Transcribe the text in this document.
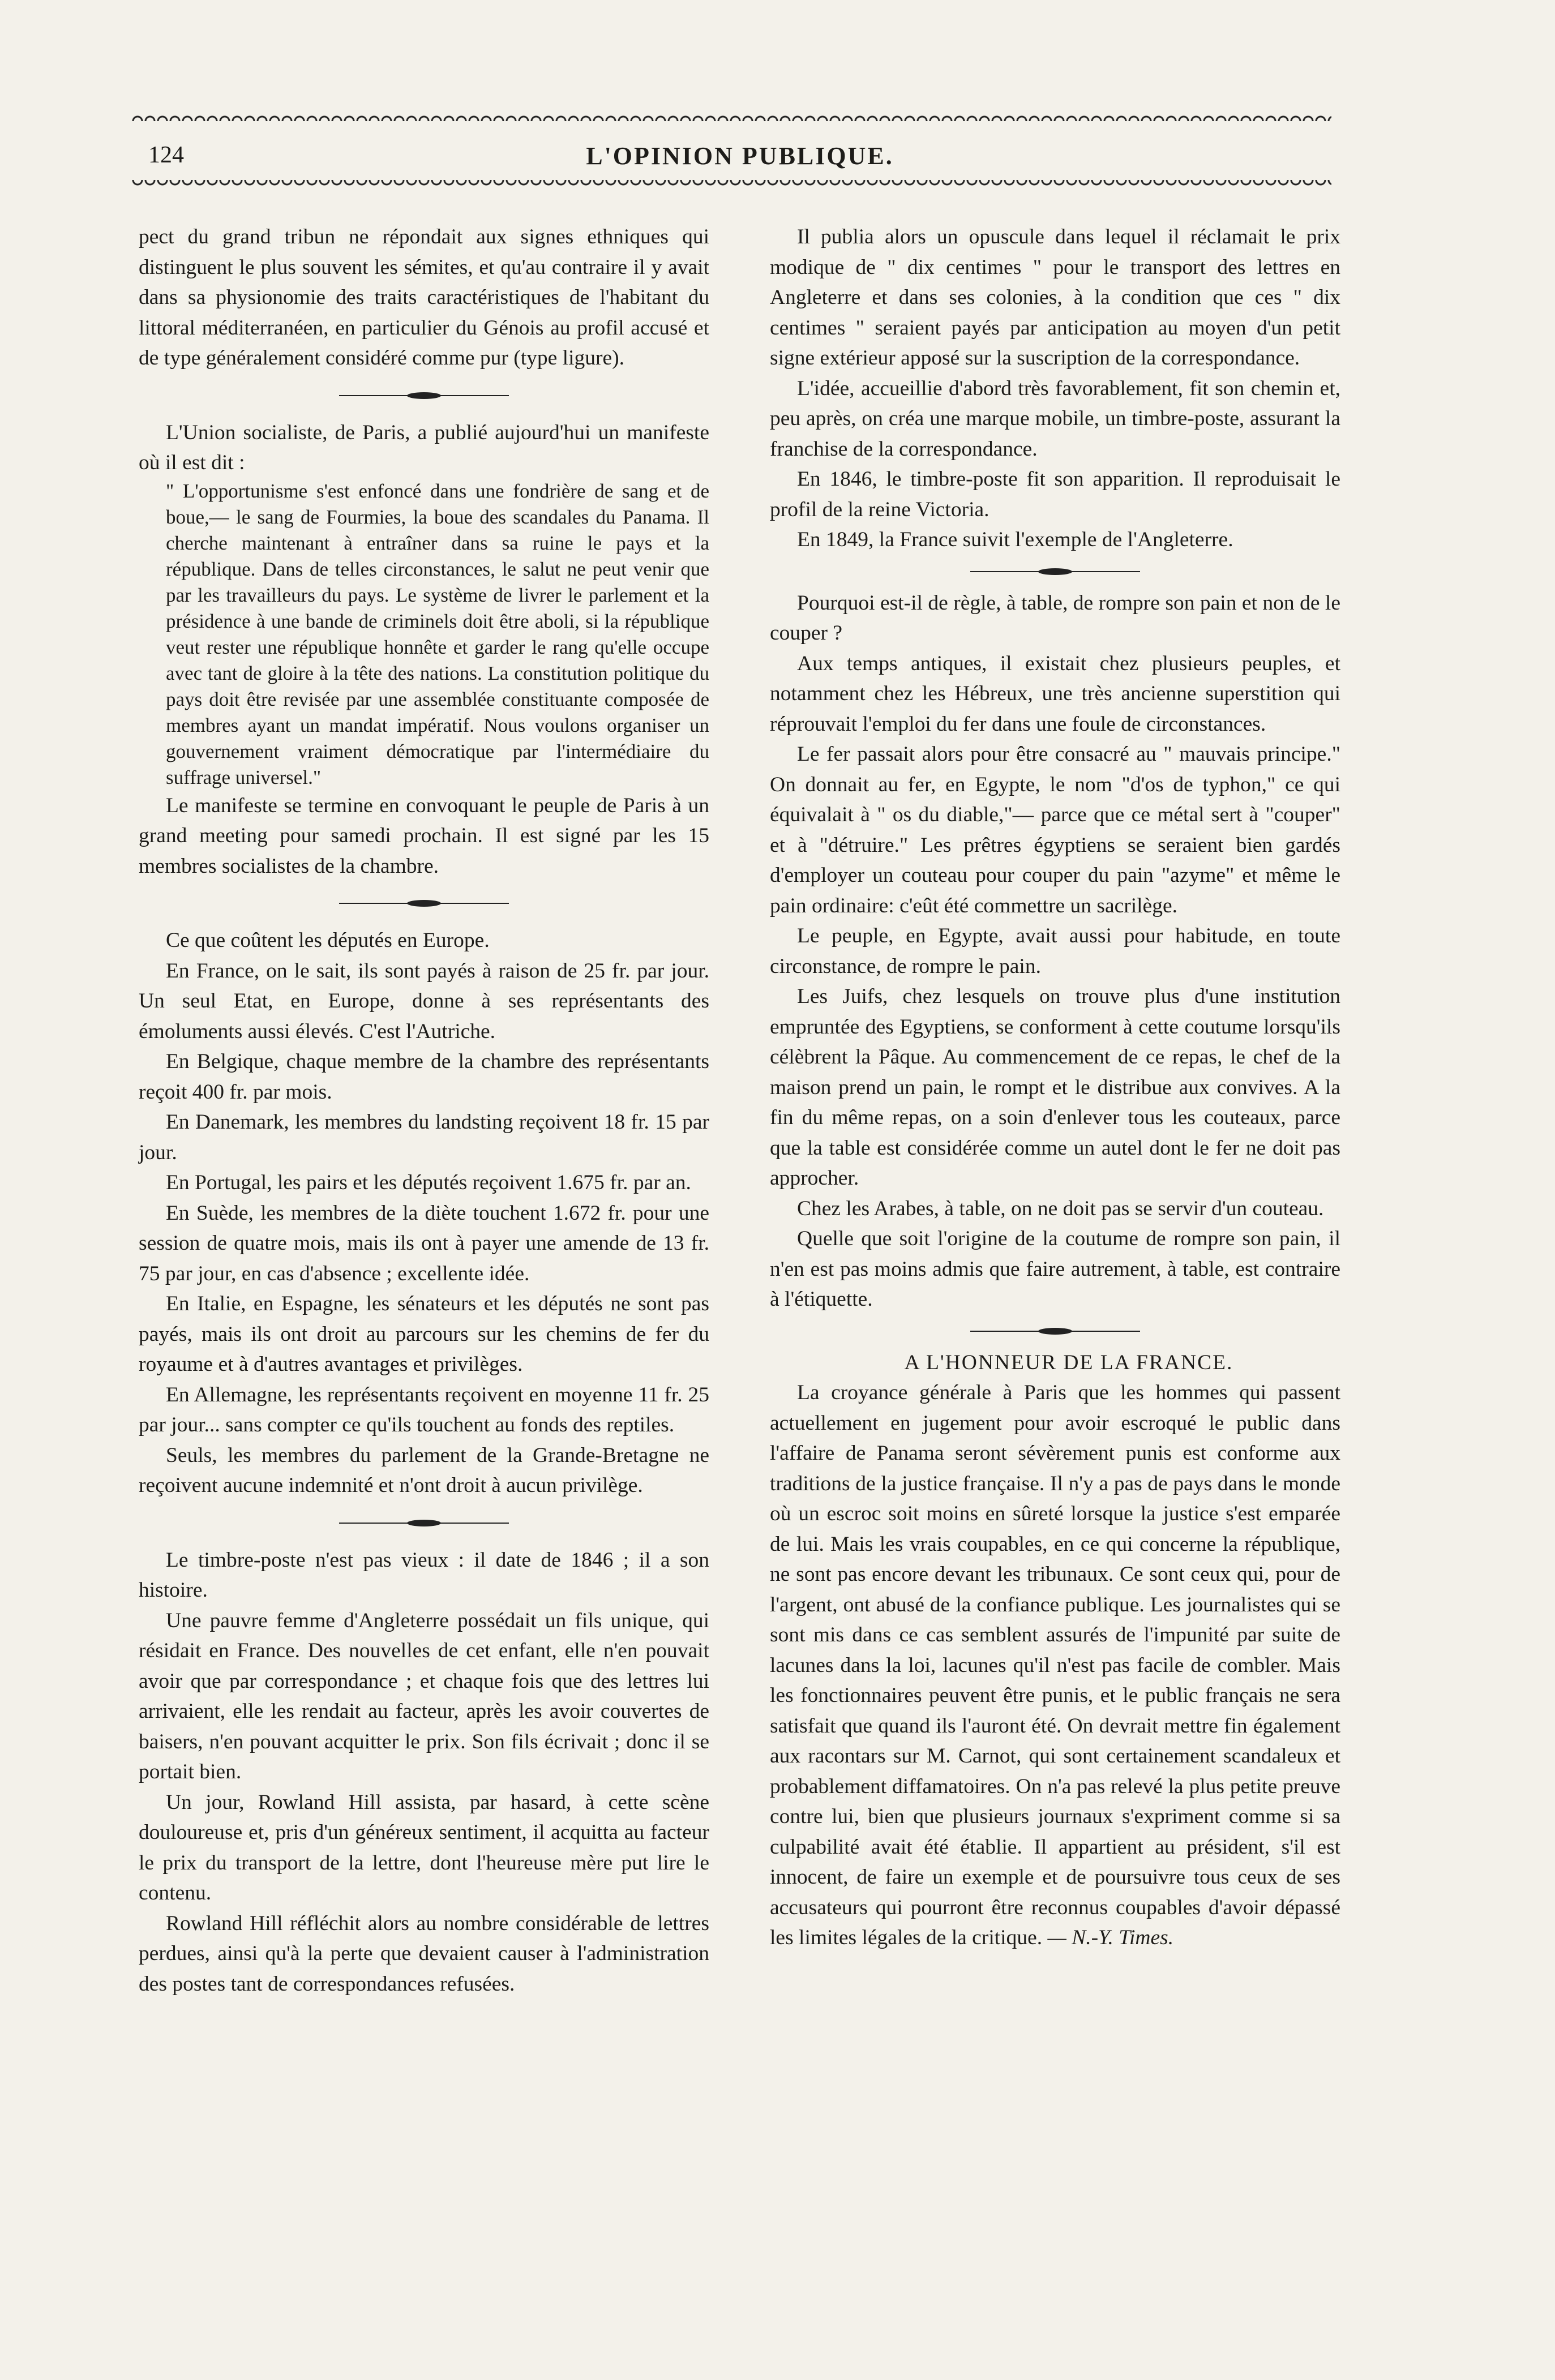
124	L'OPINION PUBLIQUE.

pect du grand tribun ne répondait aux signes ethniques qui distinguent le plus souvent les sémites, et qu'au contraire il y avait dans sa physionomie des traits caractéristiques de l'habitant du littoral méditerranéen, en particulier du Génois au profil accusé et de type généralement considéré comme pur (type ligure).

L'Union socialiste, de Paris, a publié aujourd'hui un manifeste où il est dit :

" L'opportunisme s'est enfoncé dans une fondrière de sang et de boue,— le sang de Fourmies, la boue des scandales du Panama. Il cherche maintenant à entraîner dans sa ruine le pays et la république. Dans de telles circonstances, le salut ne peut venir que par les travailleurs du pays. Le système de livrer le parlement et la présidence à une bande de criminels doit être aboli, si la république veut rester une république honnête et garder le rang qu'elle occupe avec tant de gloire à la tête des nations. La constitution politique du pays doit être revisée par une assemblée constituante composée de membres ayant un mandat impératif. Nous voulons organiser un gouvernement vraiment démocratique par l'intermédiaire du suffrage universel."

Le manifeste se termine en convoquant le peuple de Paris à un grand meeting pour samedi prochain. Il est signé par les 15 membres socialistes de la chambre.

Ce que coûtent les députés en Europe.

En France, on le sait, ils sont payés à raison de 25 fr. par jour. Un seul Etat, en Europe, donne à ses représentants des émoluments aussi élevés. C'est l'Autriche.

En Belgique, chaque membre de la chambre des représentants reçoit 400 fr. par mois.

En Danemark, les membres du landsting reçoivent 18 fr. 15 par jour.

En Portugal, les pairs et les députés reçoivent 1.675 fr. par an.

En Suède, les membres de la diète touchent 1.672 fr. pour une session de quatre mois, mais ils ont à payer une amende de 13 fr. 75 par jour, en cas d'absence ; excellente idée.

En Italie, en Espagne, les sénateurs et les députés ne sont pas payés, mais ils ont droit au parcours sur les chemins de fer du royaume et à d'autres avantages et privilèges.

En Allemagne, les représentants reçoivent en moyenne 11 fr. 25 par jour... sans compter ce qu'ils touchent au fonds des reptiles.

Seuls, les membres du parlement de la Grande-Bretagne ne reçoivent aucune indemnité et n'ont droit à aucun privilège.

Le timbre-poste n'est pas vieux : il date de 1846 ; il a son histoire.

Une pauvre femme d'Angleterre possédait un fils unique, qui résidait en France. Des nouvelles de cet enfant, elle n'en pouvait avoir que par correspondance ; et chaque fois que des lettres lui arrivaient, elle les rendait au facteur, après les avoir couvertes de baisers, n'en pouvant acquitter le prix. Son fils écrivait ; donc il se portait bien.

Un jour, Rowland Hill assista, par hasard, à cette scène douloureuse et, pris d'un généreux sentiment, il acquitta au facteur le prix du transport de la lettre, dont l'heureuse mère put lire le contenu.

Rowland Hill réfléchit alors au nombre considérable de lettres perdues, ainsi qu'à la perte que devaient causer à l'administration des postes tant de correspondances refusées.

Il publia alors un opuscule dans lequel il réclamait le prix modique de " dix centimes " pour le transport des lettres en Angleterre et dans ses colonies, à la condition que ces " dix centimes " seraient payés par anticipation au moyen d'un petit signe extérieur apposé sur la suscription de la correspondance.

L'idée, accueillie d'abord très favorablement, fit son chemin et, peu après, on créa une marque mobile, un timbre-poste, assurant la franchise de la correspondance.

En 1846, le timbre-poste fit son apparition. Il reproduisait le profil de la reine Victoria.

En 1849, la France suivit l'exemple de l'Angleterre.

Pourquoi est-il de règle, à table, de rompre son pain et non de le couper ?

Aux temps antiques, il existait chez plusieurs peuples, et notamment chez les Hébreux, une très ancienne superstition qui réprouvait l'emploi du fer dans une foule de circonstances.

Le fer passait alors pour être consacré au " mauvais principe." On donnait au fer, en Egypte, le nom "d'os de typhon," ce qui équivalait à " os du diable,"— parce que ce métal sert à "couper" et à "détruire." Les prêtres égyptiens se seraient bien gardés d'employer un couteau pour couper du pain "azyme" et même le pain ordinaire: c'eût été commettre un sacrilège.

Le peuple, en Egypte, avait aussi pour habitude, en toute circonstance, de rompre le pain.

Les Juifs, chez lesquels on trouve plus d'une institution empruntée des Egyptiens, se conforment à cette coutume lorsqu'ils célèbrent la Pâque. Au commencement de ce repas, le chef de la maison prend un pain, le rompt et le distribue aux convives. A la fin du même repas, on a soin d'enlever tous les couteaux, parce que la table est considérée comme un autel dont le fer ne doit pas approcher.

Chez les Arabes, à table, on ne doit pas se servir d'un couteau.

Quelle que soit l'origine de la coutume de rompre son pain, il n'en est pas moins admis que faire autrement, à table, est contraire à l'étiquette.

A L'HONNEUR DE LA FRANCE.

La croyance générale à Paris que les hommes qui passent actuellement en jugement pour avoir escroqué le public dans l'affaire de Panama seront sévèrement punis est conforme aux traditions de la justice française. Il n'y a pas de pays dans le monde où un escroc soit moins en sûreté lorsque la justice s'est emparée de lui. Mais les vrais coupables, en ce qui concerne la république, ne sont pas encore devant les tribunaux. Ce sont ceux qui, pour de l'argent, ont abusé de la confiance publique. Les journalistes qui se sont mis dans ce cas semblent assurés de l'impunité par suite de lacunes dans la loi, lacunes qu'il n'est pas facile de combler. Mais les fonctionnaires peuvent être punis, et le public français ne sera satisfait que quand ils l'auront été. On devrait mettre fin également aux racontars sur M. Carnot, qui sont certainement scandaleux et probablement diffamatoires. On n'a pas relevé la plus petite preuve contre lui, bien que plusieurs journaux s'expriment comme si sa culpabilité avait été établie. Il appartient au président, s'il est innocent, de faire un exemple et de poursuivre tous ceux de ses accusateurs qui pourront être reconnus coupables d'avoir dépassé les limites légales de la critique. — N.-Y. Times.
